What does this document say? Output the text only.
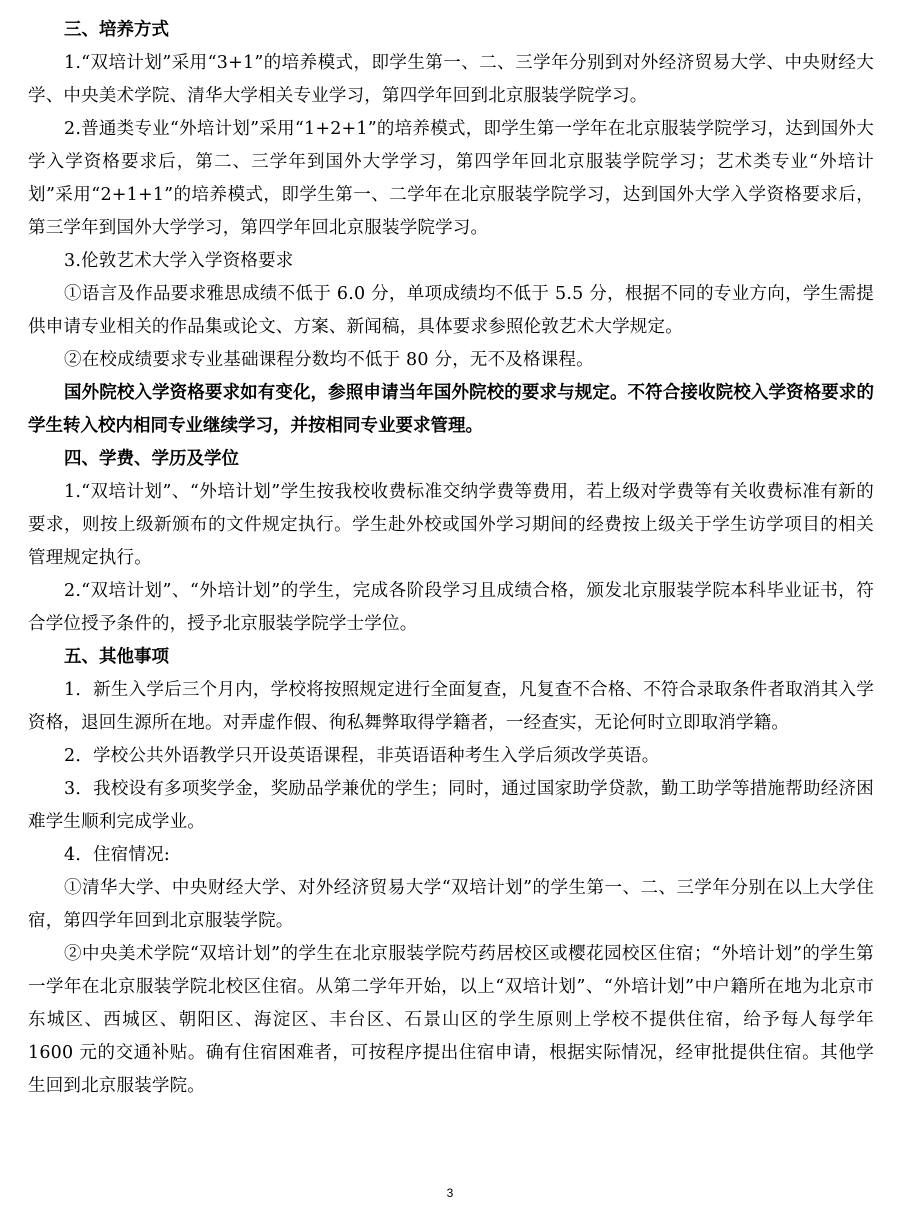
三、培养方式

1.“双培计划”采用“3+1”的培养模式，即学生第一、二、三学年分别到对外经济贸易大学、中央财经大学、中央美术学院、清华大学相关专业学习，第四学年回到北京服装学院学习。

2.普通类专业“外培计划”采用“1+2+1”的培养模式，即学生第一学年在北京服装学院学习，达到国外大学入学资格要求后，第二、三学年到国外大学学习，第四学年回北京服装学院学习；艺术类专业“外培计划”采用“2+1+1”的培养模式，即学生第一、二学年在北京服装学院学习，达到国外大学入学资格要求后，第三学年到国外大学学习，第四学年回北京服装学院学习。

3.伦敦艺术大学入学资格要求

①语言及作品要求雅思成绩不低于 6.0 分，单项成绩均不低于 5.5 分，根据不同的专业方向，学生需提供申请专业相关的作品集或论文、方案、新闻稿，具体要求参照伦敦艺术大学规定。

②在校成绩要求专业基础课程分数均不低于 80 分，无不及格课程。

国外院校入学资格要求如有变化，参照申请当年国外院校的要求与规定。不符合接收院校入学资格要求的学生转入校内相同专业继续学习，并按相同专业要求管理。

四、学费、学历及学位

1.“双培计划”、“外培计划”学生按我校收费标准交纳学费等费用，若上级对学费等有关收费标准有新的要求，则按上级新颁布的文件规定执行。学生赴外校或国外学习期间的经费按上级关于学生访学项目的相关管理规定执行。

2.“双培计划”、“外培计划”的学生，完成各阶段学习且成绩合格，颁发北京服装学院本科毕业证书，符合学位授予条件的，授予北京服装学院学士学位。

五、其他事项

1．新生入学后三个月内，学校将按照规定进行全面复查，凡复查不合格、不符合录取条件者取消其入学资格，退回生源所在地。对弄虚作假、徇私舞弊取得学籍者，一经查实，无论何时立即取消学籍。

2．学校公共外语教学只开设英语课程，非英语语种考生入学后须改学英语。

3．我校设有多项奖学金，奖励品学兼优的学生；同时，通过国家助学贷款，勤工助学等措施帮助经济困难学生顺利完成学业。

4．住宿情况:

①清华大学、中央财经大学、对外经济贸易大学“双培计划”的学生第一、二、三学年分别在以上大学住宿，第四学年回到北京服装学院。

②中央美术学院“双培计划”的学生在北京服装学院芍药居校区或樱花园校区住宿；“外培计划”的学生第一学年在北京服装学院北校区住宿。从第二学年开始，以上“双培计划”、“外培计划”中户籍所在地为北京市东城区、西城区、朝阳区、海淀区、丰台区、石景山区的学生原则上学校不提供住宿，给予每人每学年 1600 元的交通补贴。确有住宿困难者，可按程序提出住宿申请，根据实际情况，经审批提供住宿。其他学生回到北京服装学院。

3
